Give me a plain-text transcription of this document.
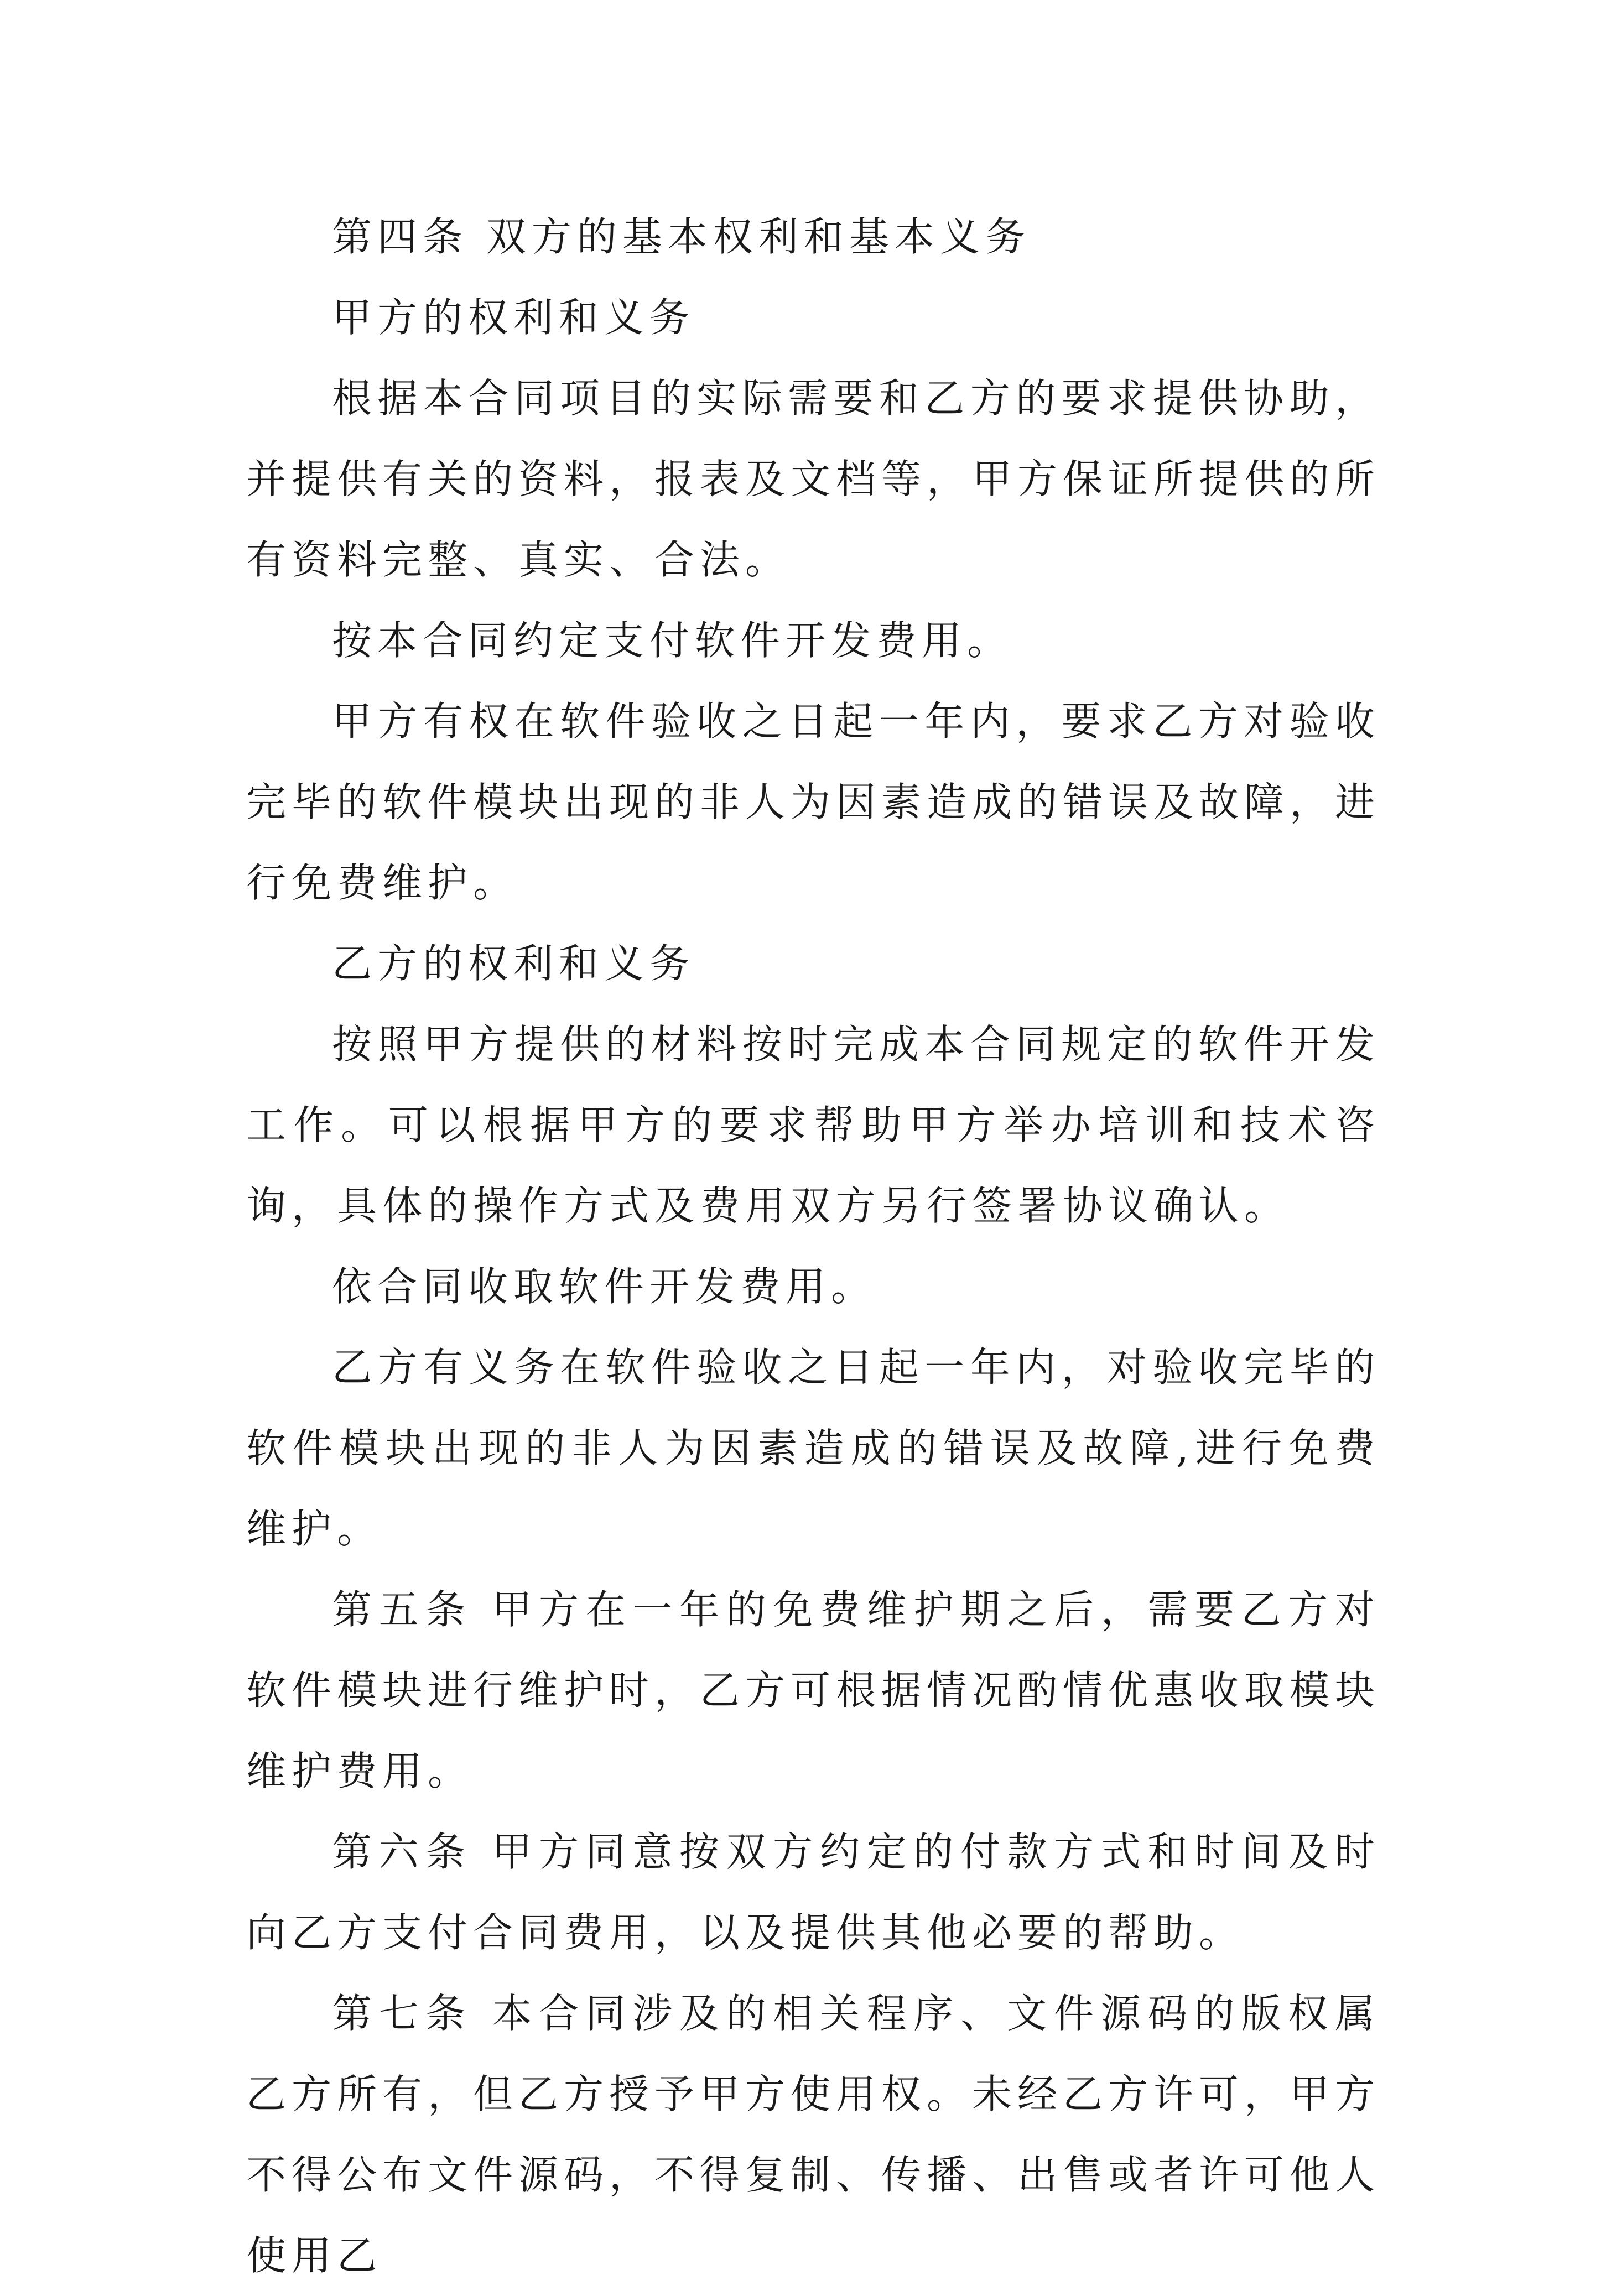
第四条 双方的基本权利和基本义务

甲方的权利和义务

根据本合同项目的实际需要和乙方的要求提供协助，并提供有关的资料，报表及文档等，甲方保证所提供的所有资料完整、真实、合法。

按本合同约定支付软件开发费用。

甲方有权在软件验收之日起一年内，要求乙方对验收完毕的软件模块出现的非人为因素造成的错误及故障，进行免费维护。

乙方的权利和义务

按照甲方提供的材料按时完成本合同规定的软件开发工作。可以根据甲方的要求帮助甲方举办培训和技术咨询，具体的操作方式及费用双方另行签署协议确认。

依合同收取软件开发费用。

乙方有义务在软件验收之日起一年内，对验收完毕的软件模块出现的非人为因素造成的错误及故障,进行免费维护。

第五条 甲方在一年的免费维护期之后，需要乙方对软件模块进行维护时，乙方可根据情况酌情优惠收取模块维护费用。

第六条 甲方同意按双方约定的付款方式和时间及时向乙方支付合同费用，以及提供其他必要的帮助。

第七条 本合同涉及的相关程序、文件源码的版权属乙方所有，但乙方授予甲方使用权。未经乙方许可，甲方不得公布文件源码，不得复制、传播、出售或者许可他人使用乙
